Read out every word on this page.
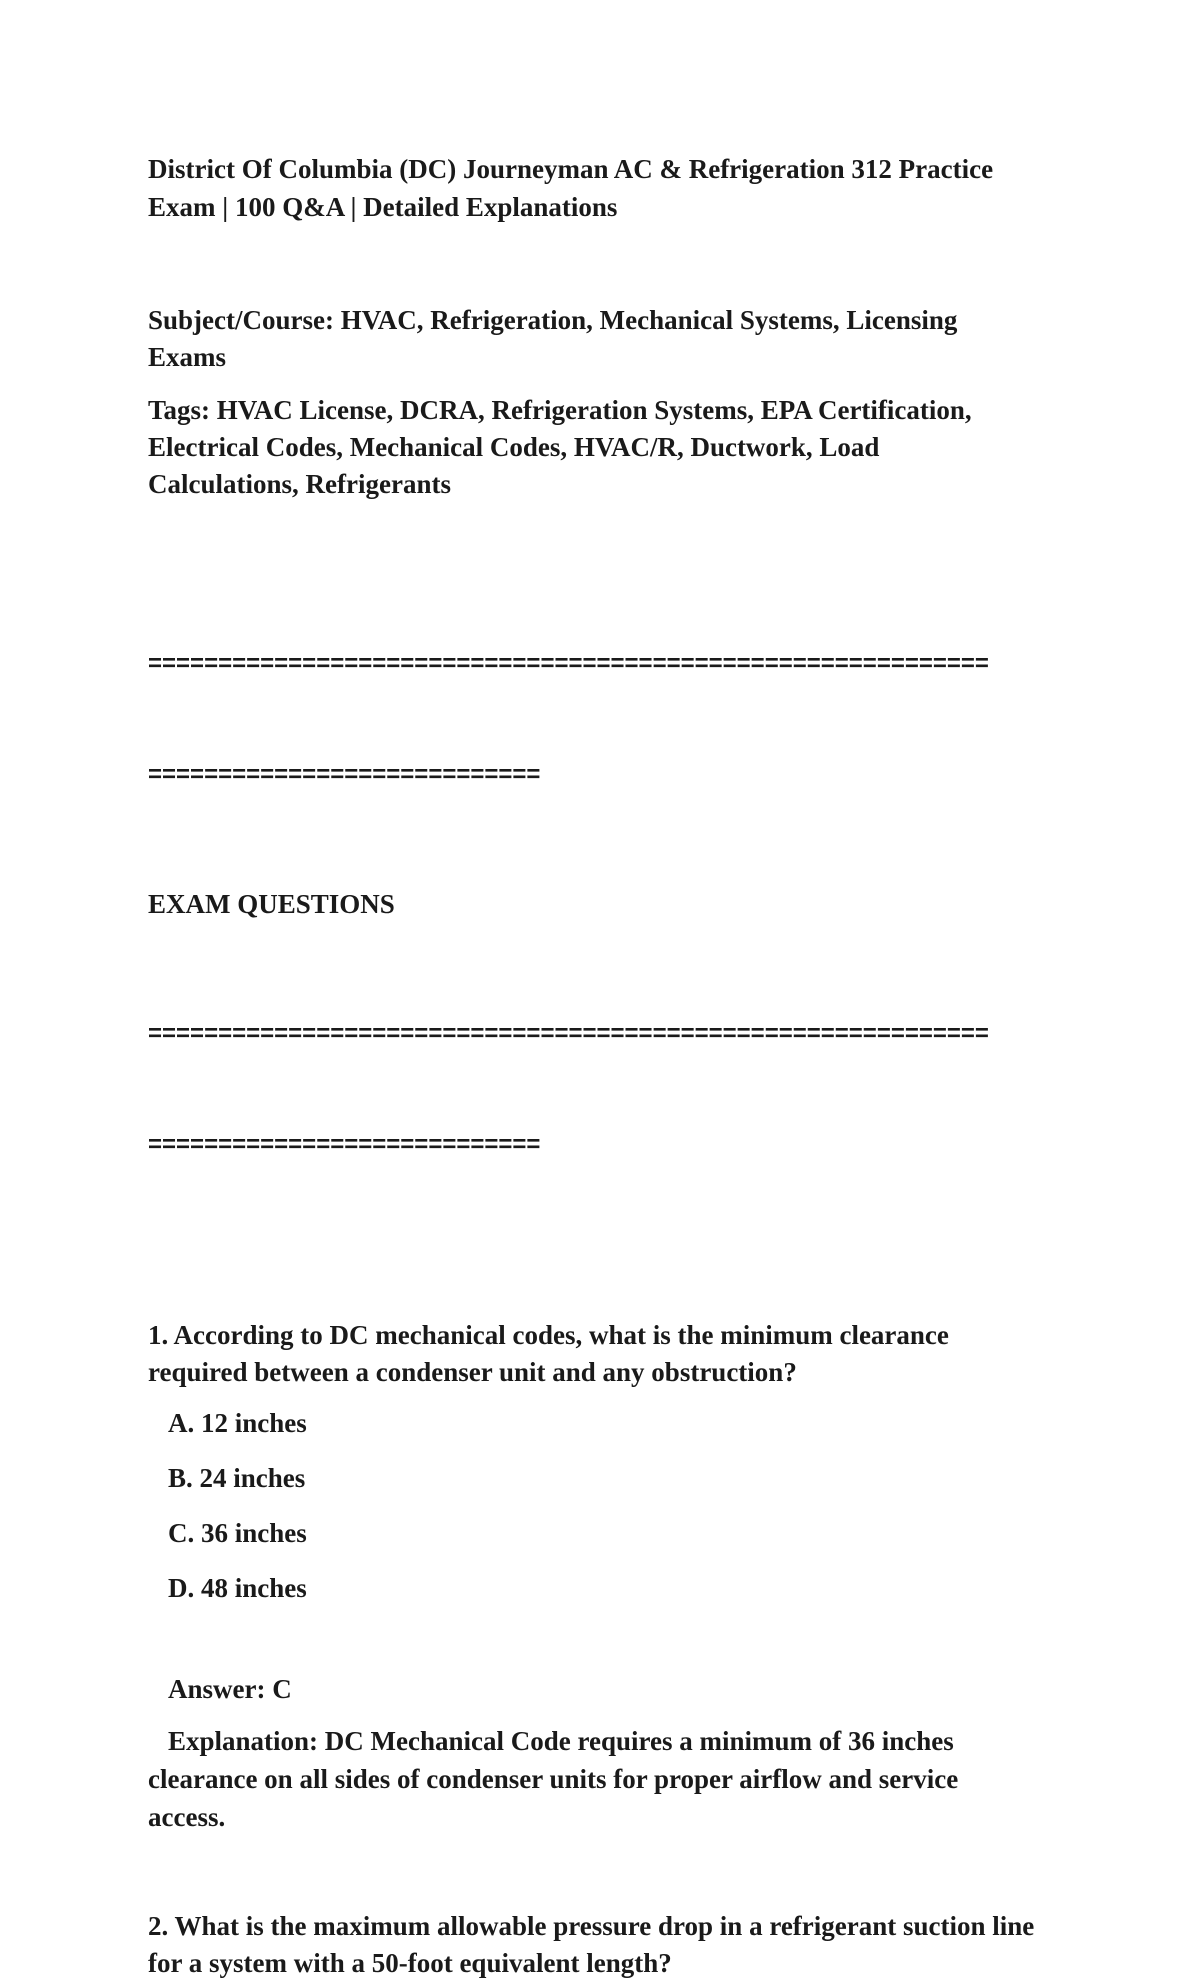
District Of Columbia (DC) Journeyman AC & Refrigeration 312 Practice
Exam | 100 Q&A | Detailed Explanations
Subject/Course: HVAC, Refrigeration, Mechanical Systems, Licensing
Exams
Tags: HVAC License, DCRA, Refrigeration Systems, EPA Certification,
Electrical Codes, Mechanical Codes, HVAC/R, Ductwork, Load
Calculations, Refrigerants

============================================================

============================

EXAM QUESTIONS

============================================================

============================

1. According to DC mechanical codes, what is the minimum clearance
required between a condenser unit and any obstruction?
A. 12 inches
B. 24 inches
C. 36 inches
D. 48 inches
Answer: C
Explanation: DC Mechanical Code requires a minimum of 36 inches
clearance on all sides of condenser units for proper airflow and service
access.
2. What is the maximum allowable pressure drop in a refrigerant suction line
for a system with a 50-foot equivalent length?
